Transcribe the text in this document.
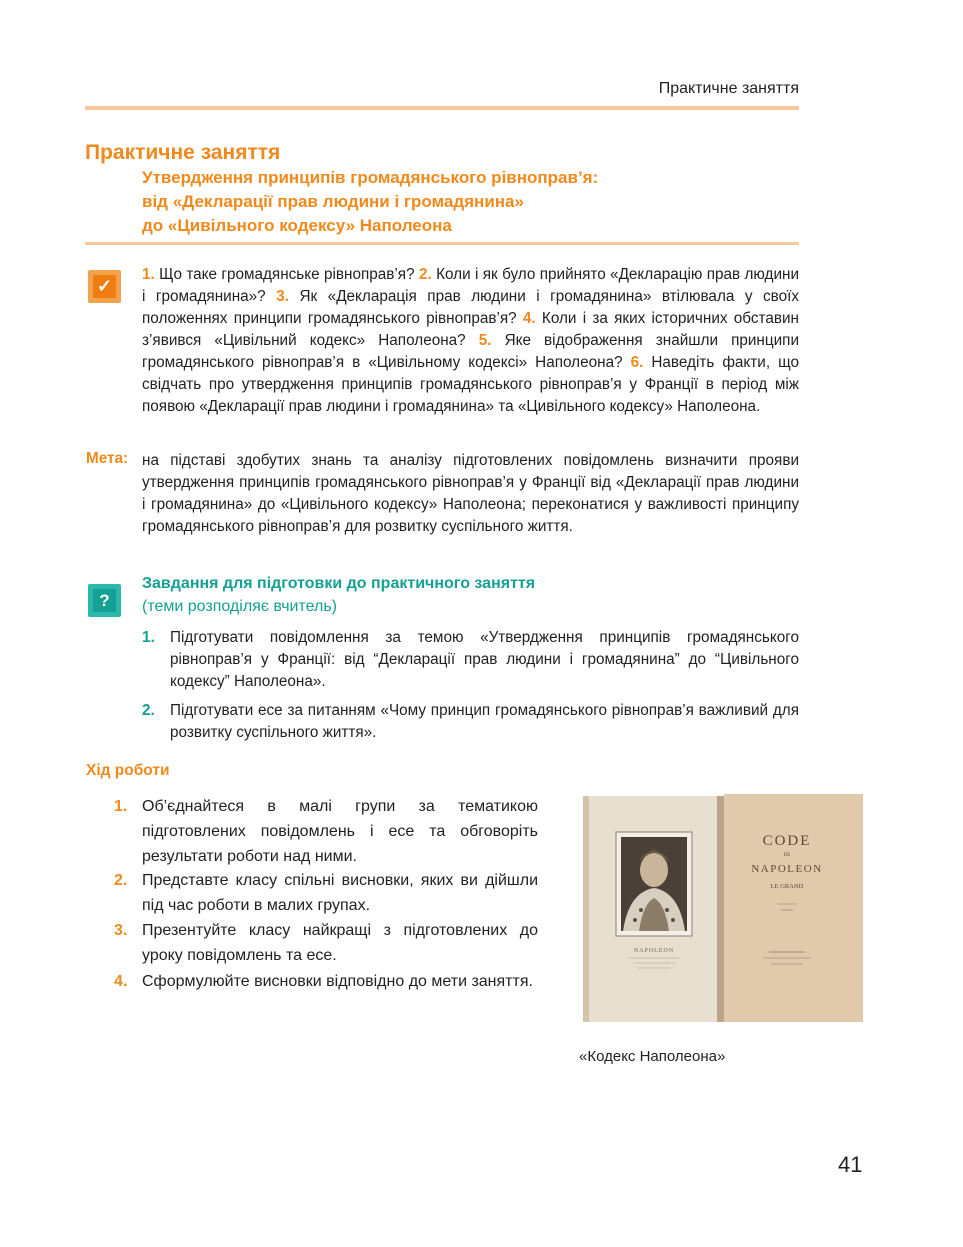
Практичне заняття
Практичне заняття
Утвердження принципів громадянського рівноправ’я:
від «Декларації прав людини і громадянина»
до «Цивільного кодексу» Наполеона
✓
1. Що таке громадянське рівноправ’я? 2. Коли і як було прийнято «Декларацію прав людини і громадянина»? 3. Як «Декларація прав людини і громадянина» втілювала у своїх положеннях принципи громадянського рівноправ’я? 4. Коли і за яких історичних обставин з’явився «Цивільний кодекс» Наполеона? 5. Яке відображення знайшли принципи громадянського рівноправ’я в «Цивільному кодексі» Наполеона? 6. Наведіть факти, що свідчать про утвердження принципів громадянського рівноправ’я у Франції в період між появою «Декларації прав людини і громадянина» та «Цивільного кодексу» Наполеона.
Мета: на підставі здобутих знань та аналізу підготовлених повідомлень визначити прояви утвердження принципів громадянського рівноправ’я у Франції від «Декларації прав людини і громадянина» до «Цивільного кодексу» Наполеона; переконатися у важливості принципу громадянського рівноправ’я для розвитку суспільного життя.
?
Завдання для підготовки до практичного заняття
(теми розподіляє вчитель)
1. Підготувати повідомлення за темою «Утвердження принципів громадянського рівноправ’я у Франції: від “Декларації прав людини і громадянина” до “Цивільного кодексу” Наполеона».
2. Підготувати есе за питанням «Чому принцип громадянського рівноправ’я важливий для розвитку суспільного життя».
Хід роботи
1. Об’єднайтеся в малі групи за тематикою підготовлених повідомлень і есе та обговоріть результати роботи над ними.
2. Представте класу спільні висновки, яких ви дійшли під час роботи в малих групах.
3. Презентуйте класу найкращі з підготовлених до уроку повідомлень та есе.
4. Сформулюйте висновки відповідно до мети заняття.
NAPOLEON
CODE
DE
NAPOLEON
LE GRAND
«Кодекс Наполеона»
41
